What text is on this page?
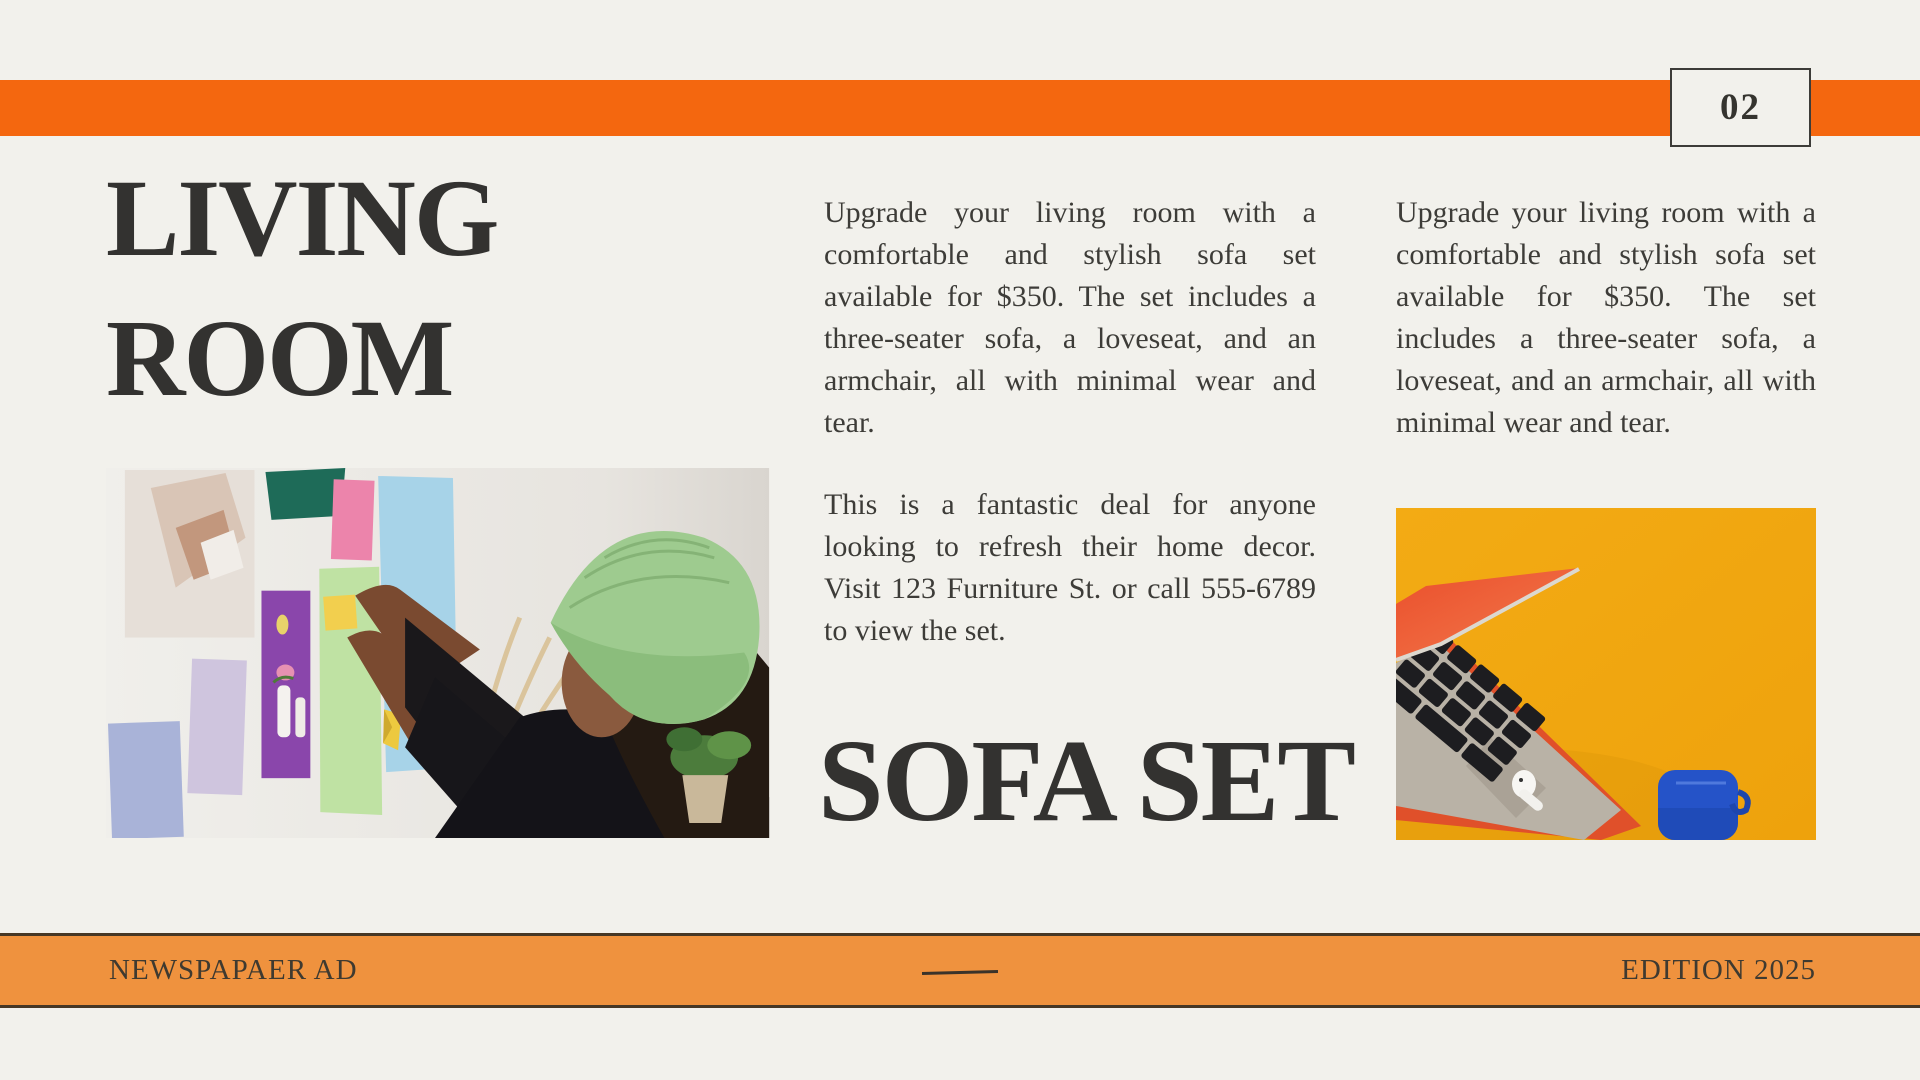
02
LIVING
ROOM

Upgrade your living room with a comfortable and stylish sofa set available for $350. The set includes a three-seater sofa, a loveseat, and an armchair, all with minimal wear and tear.

This is a fantastic deal for anyone looking to refresh their home decor. Visit 123 Furniture St. or call 555-6789 to view the set.

SOFA SET

Upgrade your living room with a comfortable and stylish sofa set available for $350. The set includes a three-seater sofa, a loveseat, and an armchair, all with minimal wear and tear.

NEWSPAPAER AD	EDITION 2025
